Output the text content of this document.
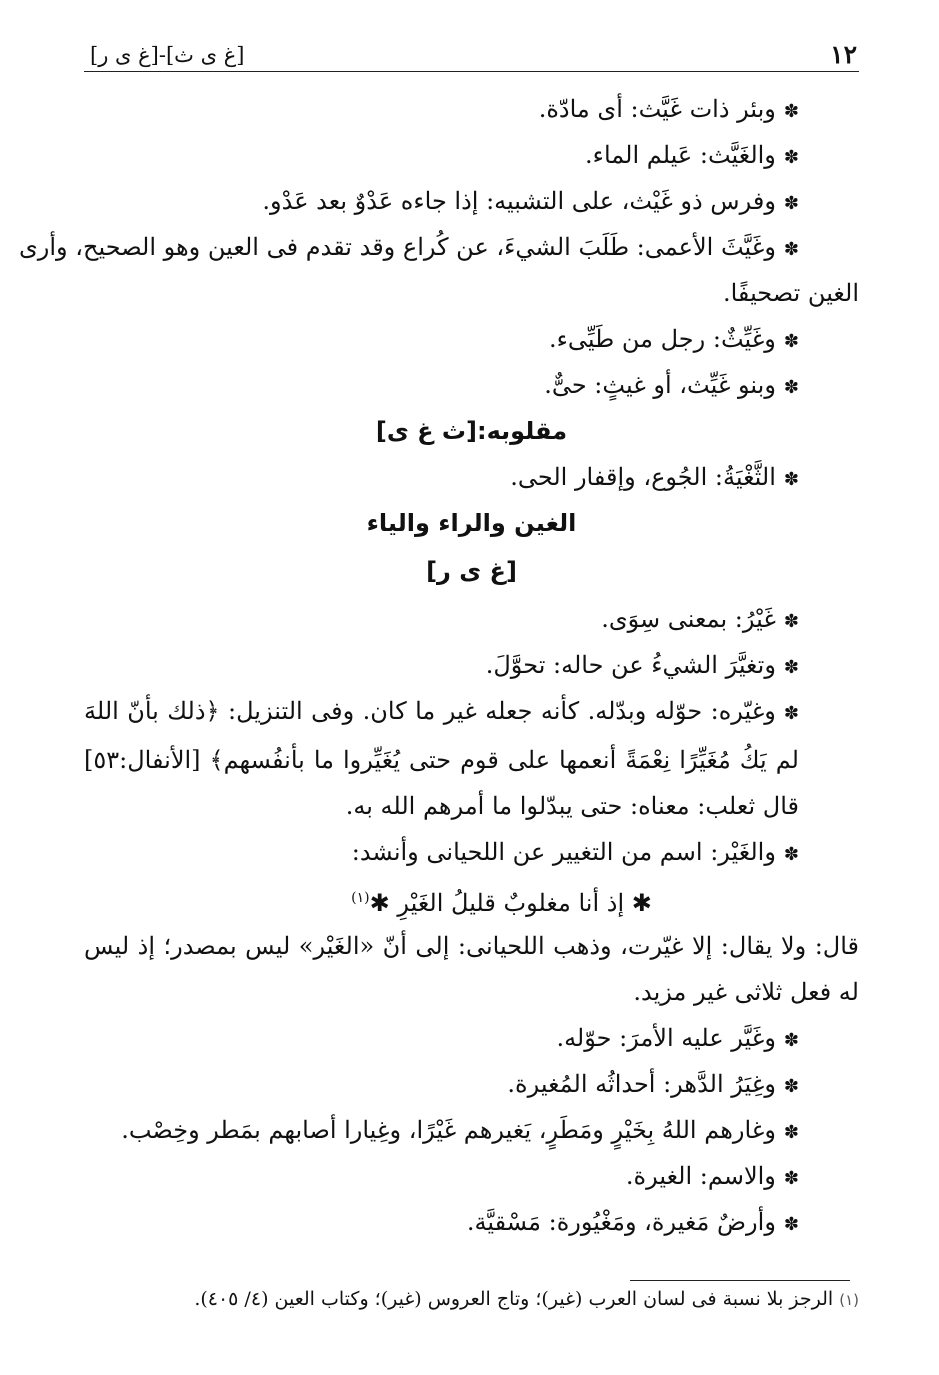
[غ ى ث]-[غ ى ر]	١٢
✽وبئر ذات غَيَّث: أى مادّة.
✽والغَيَّث: عَيلم الماء.
✽وفرس ذو غَيْث، على التشبيه: إذا جاءه عَدْوٌ بعد عَدْو.
✽وغَيَّثَ الأعمى: طَلَبَ الشيءَ، عن كُراع وقد تقدم فى العين وهو الصحيح، وأرى
الغين تصحيفًا.
✽وغَيِّثٌ: رجل من طَيِّىء.
✽وبنو غَيِّث، أو غيثٍ: حىٌّ.
مقلوبه:[ث غ ى]
✽الثَّغْيَةُ: الجُوع، وإقفار الحى.
الغين والراء والياء
[غ ى ر]
✽غَيْرُ: بمعنى سِوَى.
✽وتغيَّرَ الشيءُ عن حاله: تحوَّلَ.
✽وغيّره: حوّله وبدّله. كأنه جعله غير ما كان. وفى التنزيل: ﴿ذلك بأنّ اللهَ لم يَكُ مُغَيِّرًا نِعْمَةً أنعمها على قوم حتى يُغَيِّروا ما بأنفُسهم﴾ [الأنفال:٥٣] قال ثعلب: معناه: حتى يبدّلوا ما أمرهم الله به.
✽والغَيْر: اسم من التغيير عن اللحيانى وأنشد:
✱ إذ أنا مغلوبٌ قليلُ الغَيْرِ ✱$^{(١)}$
قال: ولا يقال: إلا غيّرت، وذهب اللحيانى: إلى أنّ «الغَيْر» ليس بمصدر؛ إذ ليس له فعل ثلاثى غير مزيد.
✽وغَيَّر عليه الأمرَ: حوّله.
✽وغِيَرُ الدَّهر: أحداثُه المُغيرة.
✽وغارهم اللهُ بِخَيْرٍ ومَطَرٍ، يَغيرهم غَيْرًا، وغِيارا أصابهم بمَطر وخِصْب.
✽والاسم: الغيرة.
✽وأرضٌ مَغيرة، ومَغْيُورة: مَسْقيَّة.
(١)الرجز بلا نسبة فى لسان العرب (غير)؛ وتاج العروس (غير)؛ وكتاب العين (٤/ ٤٠٥).
